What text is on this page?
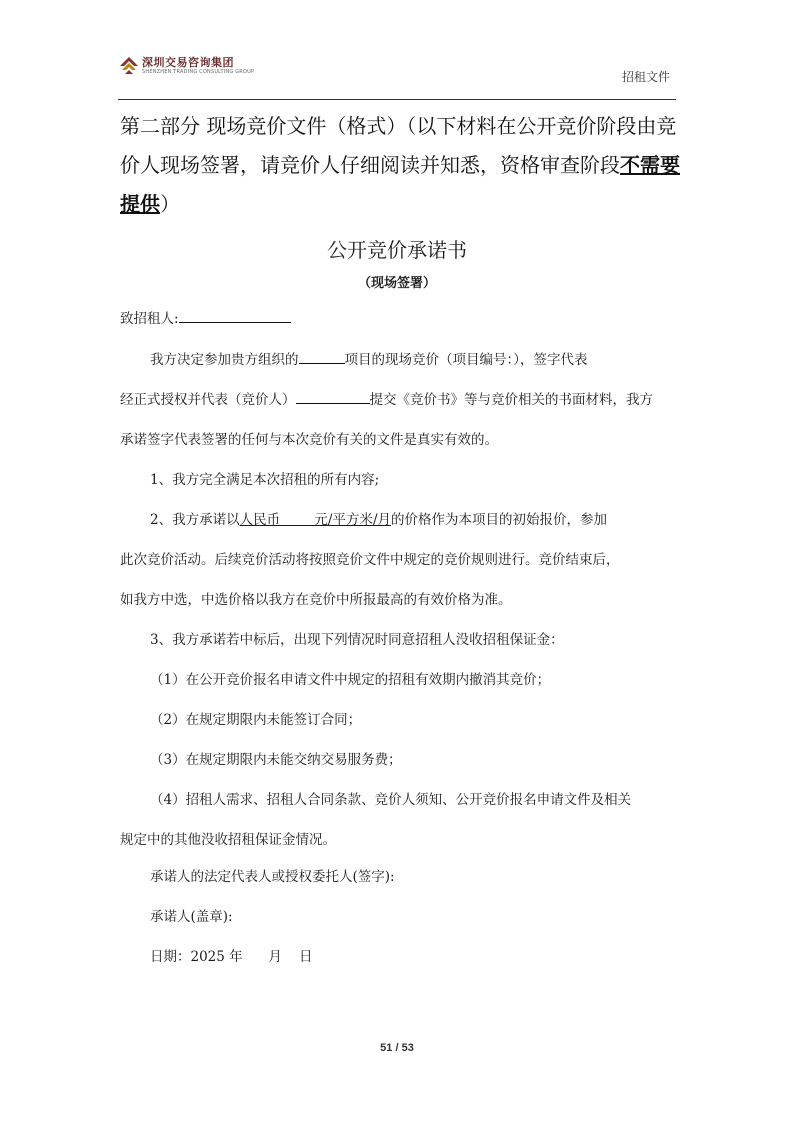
深圳交易咨询集团
SHENZHEN TRADING CONSULTING GROUP	招租文件
第二部分 现场竞价文件（格式）（以下材料在公开竞价阶段由竞价人现场签署，请竞价人仔细阅读并知悉，资格审查阶段不需要提供）
公开竞价承诺书
（现场签署）
致招租人:
我方决定参加贵方组织的	项目的现场竞价（项目编号：），签字代表
经正式授权并代表（竞价人）	提交《竞价书》等与竞价相关的书面材料，我方
承诺签字代表签署的任何与本次竞价有关的文件是真实有效的。
1、我方完全满足本次招租的所有内容;
2、我方承诺以人民币        元/平方米/月的价格作为本项目的初始报价，参加
此次竞价活动。后续竞价活动将按照竞价文件中规定的竞价规则进行。竞价结束后，
如我方中选，中选价格以我方在竞价中所报最高的有效价格为准。
3、我方承诺若中标后，出现下列情况时同意招租人没收招租保证金：
（1）在公开竞价报名申请文件中规定的招租有效期内撤消其竞价；
（2）在规定期限内未能签订合同；
（3）在规定期限内未能交纳交易服务费；
（4）招租人需求、招租人合同条款、竞价人须知、公开竞价报名申请文件及相关
规定中的其他没收招租保证金情况。
承诺人的法定代表人或授权委托人(签字):
承诺人(盖章):
日期：2025 年      月    日
51 / 53
